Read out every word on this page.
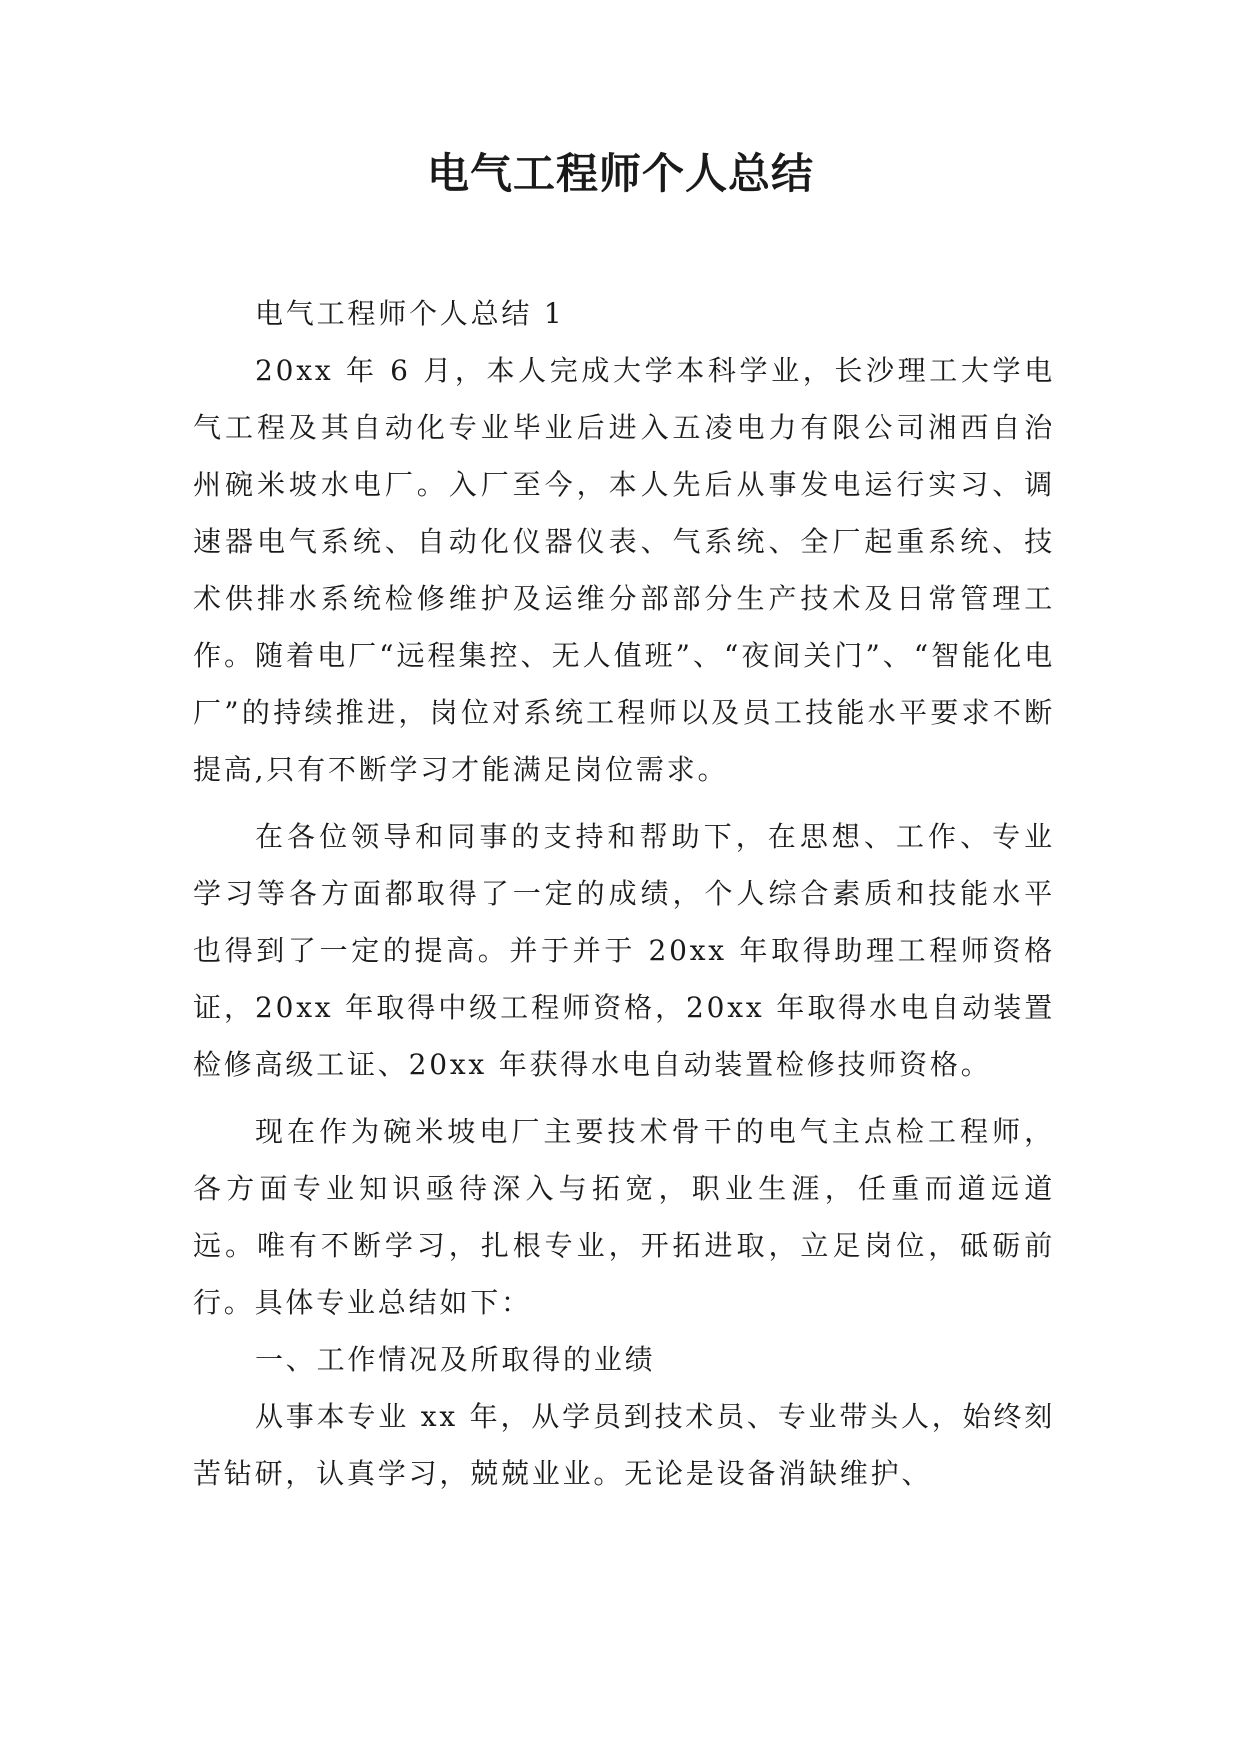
电气工程师个人总结

电气工程师个人总结 1

20xx 年 6 月，本人完成大学本科学业，长沙理工大学电气工程及其自动化专业毕业后进入五凌电力有限公司湘西自治州碗米坡水电厂。入厂至今，本人先后从事发电运行实习、调速器电气系统、自动化仪器仪表、气系统、全厂起重系统、技术供排水系统检修维护及运维分部部分生产技术及日常管理工作。随着电厂“远程集控、无人值班”、“夜间关门”、“智能化电厂”的持续推进，岗位对系统工程师以及员工技能水平要求不断提高,只有不断学习才能满足岗位需求。

在各位领导和同事的支持和帮助下，在思想、工作、专业学习等各方面都取得了一定的成绩，个人综合素质和技能水平也得到了一定的提高。并于并于 20xx 年取得助理工程师资格证，20xx 年取得中级工程师资格，20xx 年取得水电自动装置检修高级工证、20xx 年获得水电自动装置检修技师资格。

现在作为碗米坡电厂主要技术骨干的电气主点检工程师，各方面专业知识亟待深入与拓宽，职业生涯，任重而道远道远。唯有不断学习，扎根专业，开拓进取，立足岗位，砥砺前行。具体专业总结如下：

一、工作情况及所取得的业绩

从事本专业 xx 年，从学员到技术员、专业带头人，始终刻苦钻研，认真学习，兢兢业业。无论是设备消缺维护、
